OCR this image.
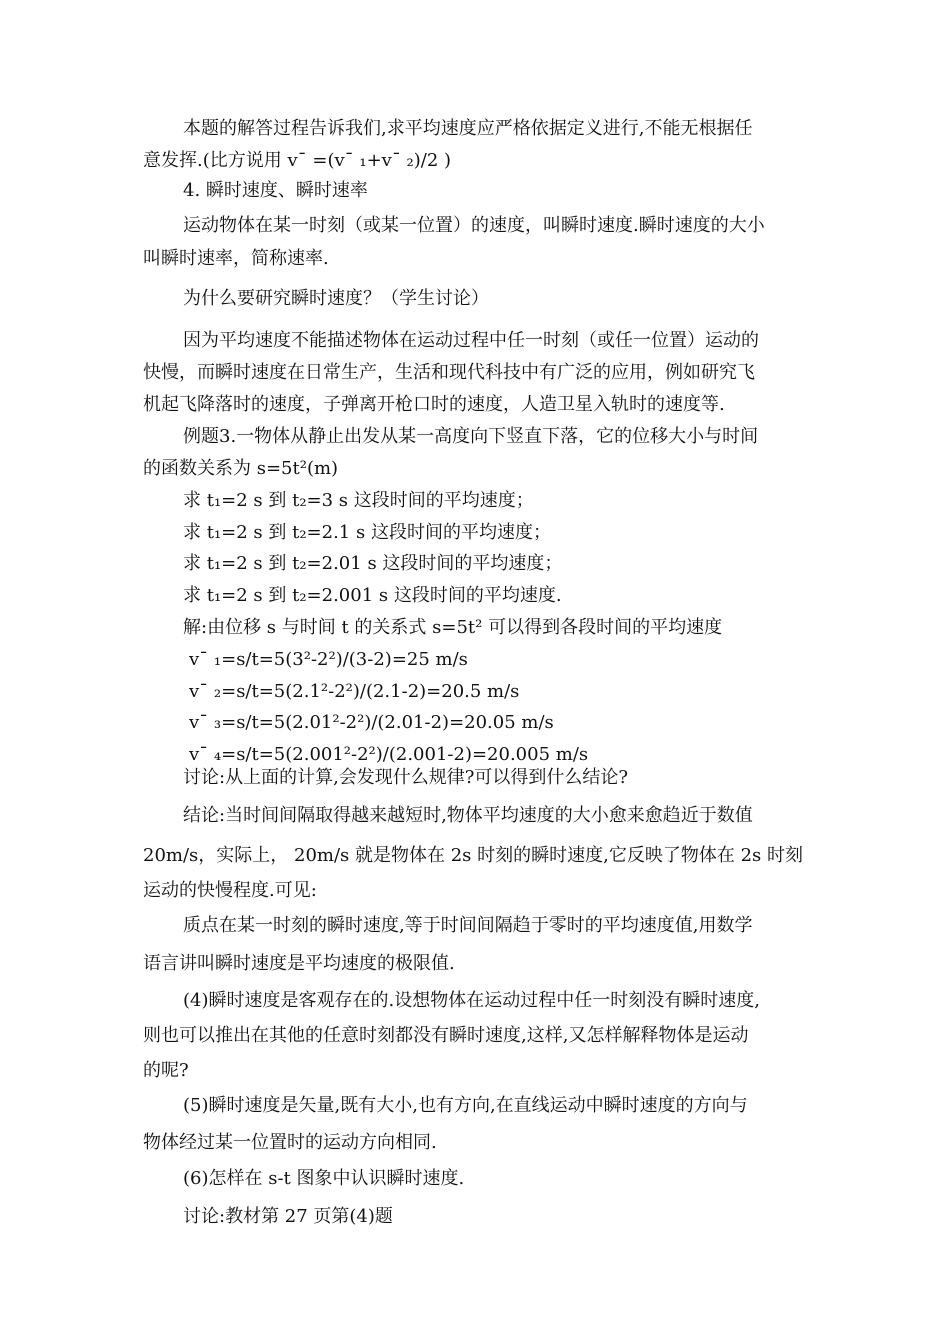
本题的解答过程告诉我们,求平均速度应严格依据定义进行,不能无根据任
意发挥.(比方说用 v¯ =(v¯ ₁+v¯ ₂)/2 )
4. 瞬时速度、瞬时速率
运动物体在某一时刻（或某一位置）的速度，叫瞬时速度.瞬时速度的大小
叫瞬时速率，简称速率.
为什么要研究瞬时速度？（学生讨论）
因为平均速度不能描述物体在运动过程中任一时刻（或任一位置）运动的
快慢，而瞬时速度在日常生产，生活和现代科技中有广泛的应用，例如研究飞
机起飞降落时的速度，子弹离开枪口时的速度，人造卫星入轨时的速度等.
例题3.一物体从静止出发从某一高度向下竖直下落，它的位移大小与时间
的函数关系为 s=5t²(m)
求 t₁=2 s 到 t₂=3 s 这段时间的平均速度；
求 t₁=2 s 到 t₂=2.1 s 这段时间的平均速度；
求 t₁=2 s 到 t₂=2.01 s 这段时间的平均速度；
求 t₁=2 s 到 t₂=2.001 s 这段时间的平均速度.
解:由位移 s 与时间 t 的关系式 s=5t² 可以得到各段时间的平均速度
v¯ ₁=s/t=5(3²-2²)/(3-2)=25 m/s
v¯ ₂=s/t=5(2.1²-2²)/(2.1-2)=20.5 m/s
v¯ ₃=s/t=5(2.01²-2²)/(2.01-2)=20.05 m/s
v¯ ₄=s/t=5(2.001²-2²)/(2.001-2)=20.005 m/s
讨论:从上面的计算,会发现什么规律?可以得到什么结论?
结论:当时间间隔取得越来越短时,物体平均速度的大小愈来愈趋近于数值
20m/s，实际上， 20m/s 就是物体在 2s 时刻的瞬时速度,它反映了物体在 2s 时刻
运动的快慢程度.可见:
质点在某一时刻的瞬时速度,等于时间间隔趋于零时的平均速度值,用数学
语言讲叫瞬时速度是平均速度的极限值.
(4)瞬时速度是客观存在的.设想物体在运动过程中任一时刻没有瞬时速度,
则也可以推出在其他的任意时刻都没有瞬时速度,这样,又怎样解释物体是运动
的呢?
(5)瞬时速度是矢量,既有大小,也有方向,在直线运动中瞬时速度的方向与
物体经过某一位置时的运动方向相同.
(6)怎样在 s-t 图象中认识瞬时速度.
讨论:教材第 27 页第(4)题
